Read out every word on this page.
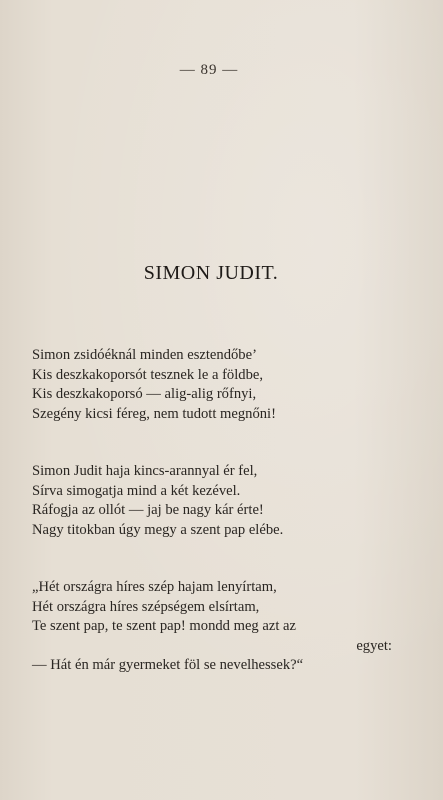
— 89 —
SIMON JUDIT.
Simon zsidóéknál minden esztendőbe’
Kis deszkakoporsót tesznek le a földbe,
Kis deszkakoporsó — alig-alig rőfnyi,
Szegény kicsi féreg, nem tudott megnőni!
Simon Judit haja kincs-arannyal ér fel,
Sírva simogatja mind a két kezével.
Ráfogja az ollót — jaj be nagy kár érte!
Nagy titokban úgy megy a szent pap elébe.
„Hét országra híres szép hajam lenyírtam,
Hét országra híres szépségem elsírtam,
Te szent pap, te szent pap! mondd meg azt az
egyet:
— Hát én már gyermeket föl se nevelhessek?“
